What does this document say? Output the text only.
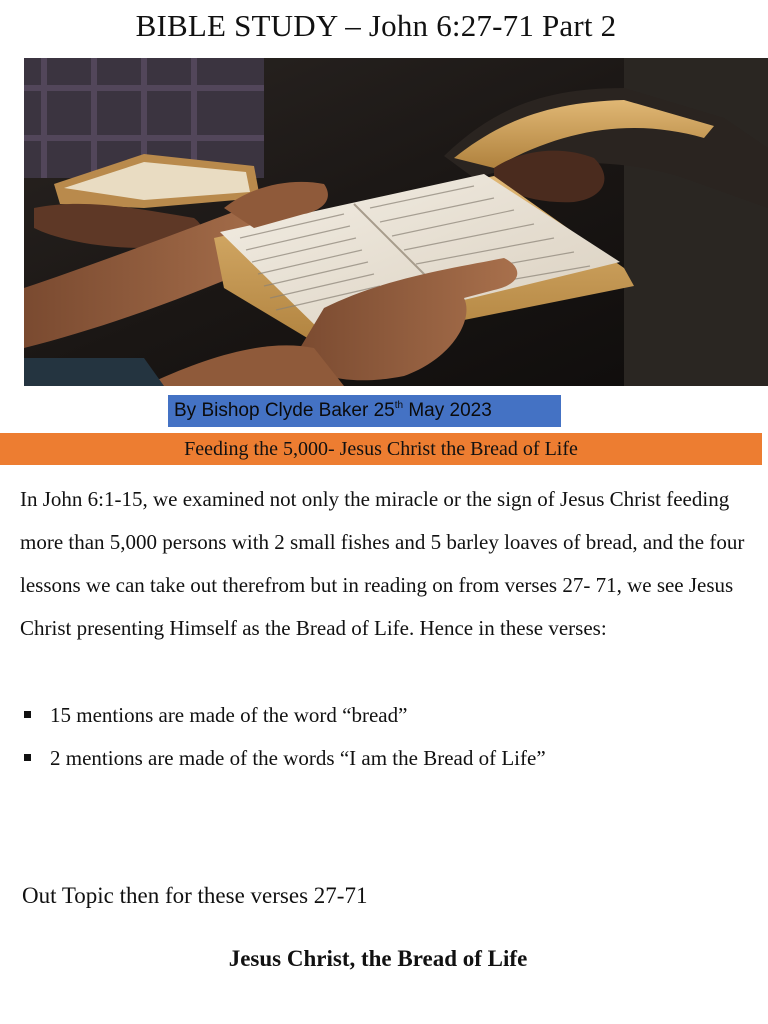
BIBLE STUDY – John 6:27-71 Part 2
By Bishop Clyde Baker 25th May 2023
Feeding the 5,000- Jesus Christ the Bread of Life

In John 6:1-15, we examined not only the miracle or the sign of Jesus Christ feeding more than 5,000 persons with 2 small fishes and 5 barley loaves of bread, and the four lessons we can take out therefrom but in reading on from verses 27- 71, we see Jesus Christ presenting Himself as the Bread of Life. Hence in these verses:

15 mentions are made of the word “bread”
2 mentions are made of the words “I am the Bread of Life”
Out Topic then for these verses 27-71
Jesus Christ, the Bread of Life
